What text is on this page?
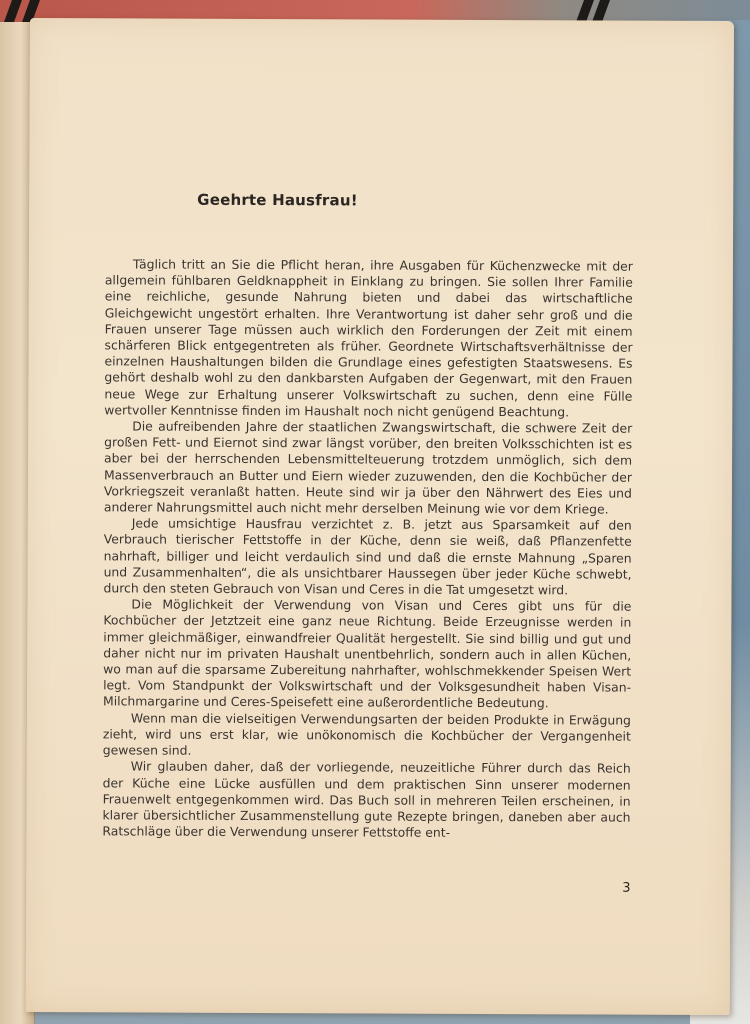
Geehrte Hausfrau!

Täglich tritt an Sie die Pflicht heran, ihre Ausgaben für Küchenzwecke mit der allgemein fühlbaren Geldknappheit in Einklang zu bringen. Sie sollen Ihrer Familie eine reichliche, gesunde Nahrung bieten und dabei das wirtschaftliche Gleichgewicht ungestört erhalten. Ihre Verantwortung ist daher sehr groß und die Frauen unserer Tage müssen auch wirklich den Forderungen der Zeit mit einem schärferen Blick entgegentreten als früher. Geordnete Wirtschaftsverhältnisse der einzelnen Haushaltungen bilden die Grundlage eines gefestigten Staatswesens. Es gehört deshalb wohl zu den dankbarsten Aufgaben der Gegenwart, mit den Frauen neue Wege zur Erhaltung unserer Volkswirtschaft zu suchen, denn eine Fülle wertvoller Kenntnisse finden im Haushalt noch nicht genügend Beachtung.

Die aufreibenden Jahre der staatlichen Zwangswirtschaft, die schwere Zeit der großen Fett- und Eiernot sind zwar längst vorüber, den breiten Volksschichten ist es aber bei der herrschenden Lebensmittelteuerung trotzdem unmöglich, sich dem Massenverbrauch an Butter und Eiern wieder zuzuwenden, den die Kochbücher der Vorkriegszeit veranlaßt hatten. Heute sind wir ja über den Nährwert des Eies und anderer Nahrungsmittel auch nicht mehr derselben Meinung wie vor dem Kriege.

Jede umsichtige Hausfrau verzichtet z. B. jetzt aus Sparsamkeit auf den Verbrauch tierischer Fettstoffe in der Küche, denn sie weiß, daß Pflanzenfette nahrhaft, billiger und leicht verdaulich sind und daß die ernste Mahnung „Sparen und Zusammenhalten“, die als unsichtbarer Haussegen über jeder Küche schwebt, durch den steten Gebrauch von Visan und Ceres in die Tat umgesetzt wird.

Die Möglichkeit der Verwendung von Visan und Ceres gibt uns für die Kochbücher der Jetztzeit eine ganz neue Richtung. Beide Erzeugnisse werden in immer gleichmäßiger, einwandfreier Qualität hergestellt. Sie sind billig und gut und daher nicht nur im privaten Haushalt unentbehrlich, sondern auch in allen Küchen, wo man auf die sparsame Zubereitung nahrhafter, wohlschmekkender Speisen Wert legt. Vom Standpunkt der Volkswirtschaft und der Volksgesundheit haben Visan-Milchmargarine und Ceres-Speisefett eine außerordentliche Bedeutung.

Wenn man die vielseitigen Verwendungsarten der beiden Produkte in Erwägung zieht, wird uns erst klar, wie unökonomisch die Kochbücher der Vergangenheit gewesen sind.

Wir glauben daher, daß der vorliegende, neuzeitliche Führer durch das Reich der Küche eine Lücke ausfüllen und dem praktischen Sinn unserer modernen Frauenwelt entgegenkommen wird. Das Buch soll in mehreren Teilen erscheinen, in klarer übersichtlicher Zusammenstellung gute Rezepte bringen, daneben aber auch Ratschläge über die Verwendung unserer Fettstoffe ent-

3
